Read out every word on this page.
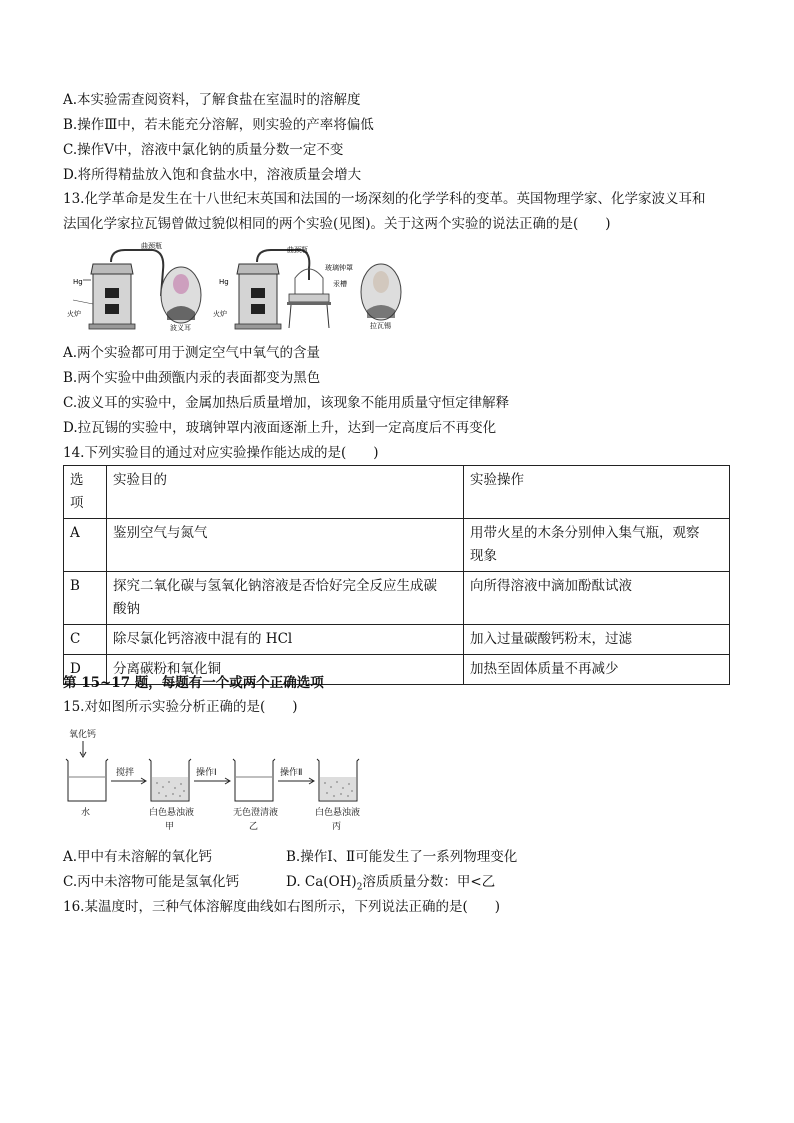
A.本实验需查阅资料，了解食盐在室温时的溶解度
B.操作Ⅲ中，若未能充分溶解，则实验的产率将偏低
C.操作Ⅴ中，溶液中氯化钠的质量分数一定不变
D.将所得精盐放入饱和食盐水中，溶液质量会增大
13.化学革命是发生在十八世纪末英国和法国的一场深刻的化学学科的变革。英国物理学家、化学家波义耳和
法国化学家拉瓦锡曾做过貌似相同的两个实验(见图)。关于这两个实验的说法正确的是(　　)
Hg
曲颈瓶
火炉
波义耳
Hg
曲颈瓶
玻璃钟罩
汞槽
火炉
拉瓦锡
A.两个实验都可用于测定空气中氧气的含量
B.两个实验中曲颈甑内汞的表面都变为黑色
C.波义耳的实验中，金属加热后质量增加，该现象不能用质量守恒定律解释
D.拉瓦锡的实验中，玻璃钟罩内液面逐渐上升，达到一定高度后不再变化
14.下列实验目的通过对应实验操作能达成的是(　　)
选
项	实验目的	实验操作
A	鉴别空气与氮气	用带火星的木条分别伸入集气瓶，观察
现象

B	探究二氧化碳与氢氧化钠溶液是否恰好完全反应生成碳
酸钠	向所得溶液中滴加酚酞试液
C	除尽氯化钙溶液中混有的 HCl	加入过量碳酸钙粉末，过滤
D	分离碳粉和氧化铜	加热至固体质量不再减少
第 15~17 题，每题有一个或两个正确选项
15.对如图所示实验分析正确的是(　　)
氧化钙
水
搅拌
白色悬浊液
甲
操作Ⅰ
无色澄清液
乙
操作Ⅱ
白色悬浊液
丙
A.甲中有未溶解的氧化钙	B.操作Ⅰ、Ⅱ可能发生了一系列物理变化
C.丙中未溶物可能是氢氧化钙	D. $Ca(OH)_2$溶质质量分数：甲<乙
16.某温度时，三种气体溶解度曲线如右图所示，下列说法正确的是(　　)
